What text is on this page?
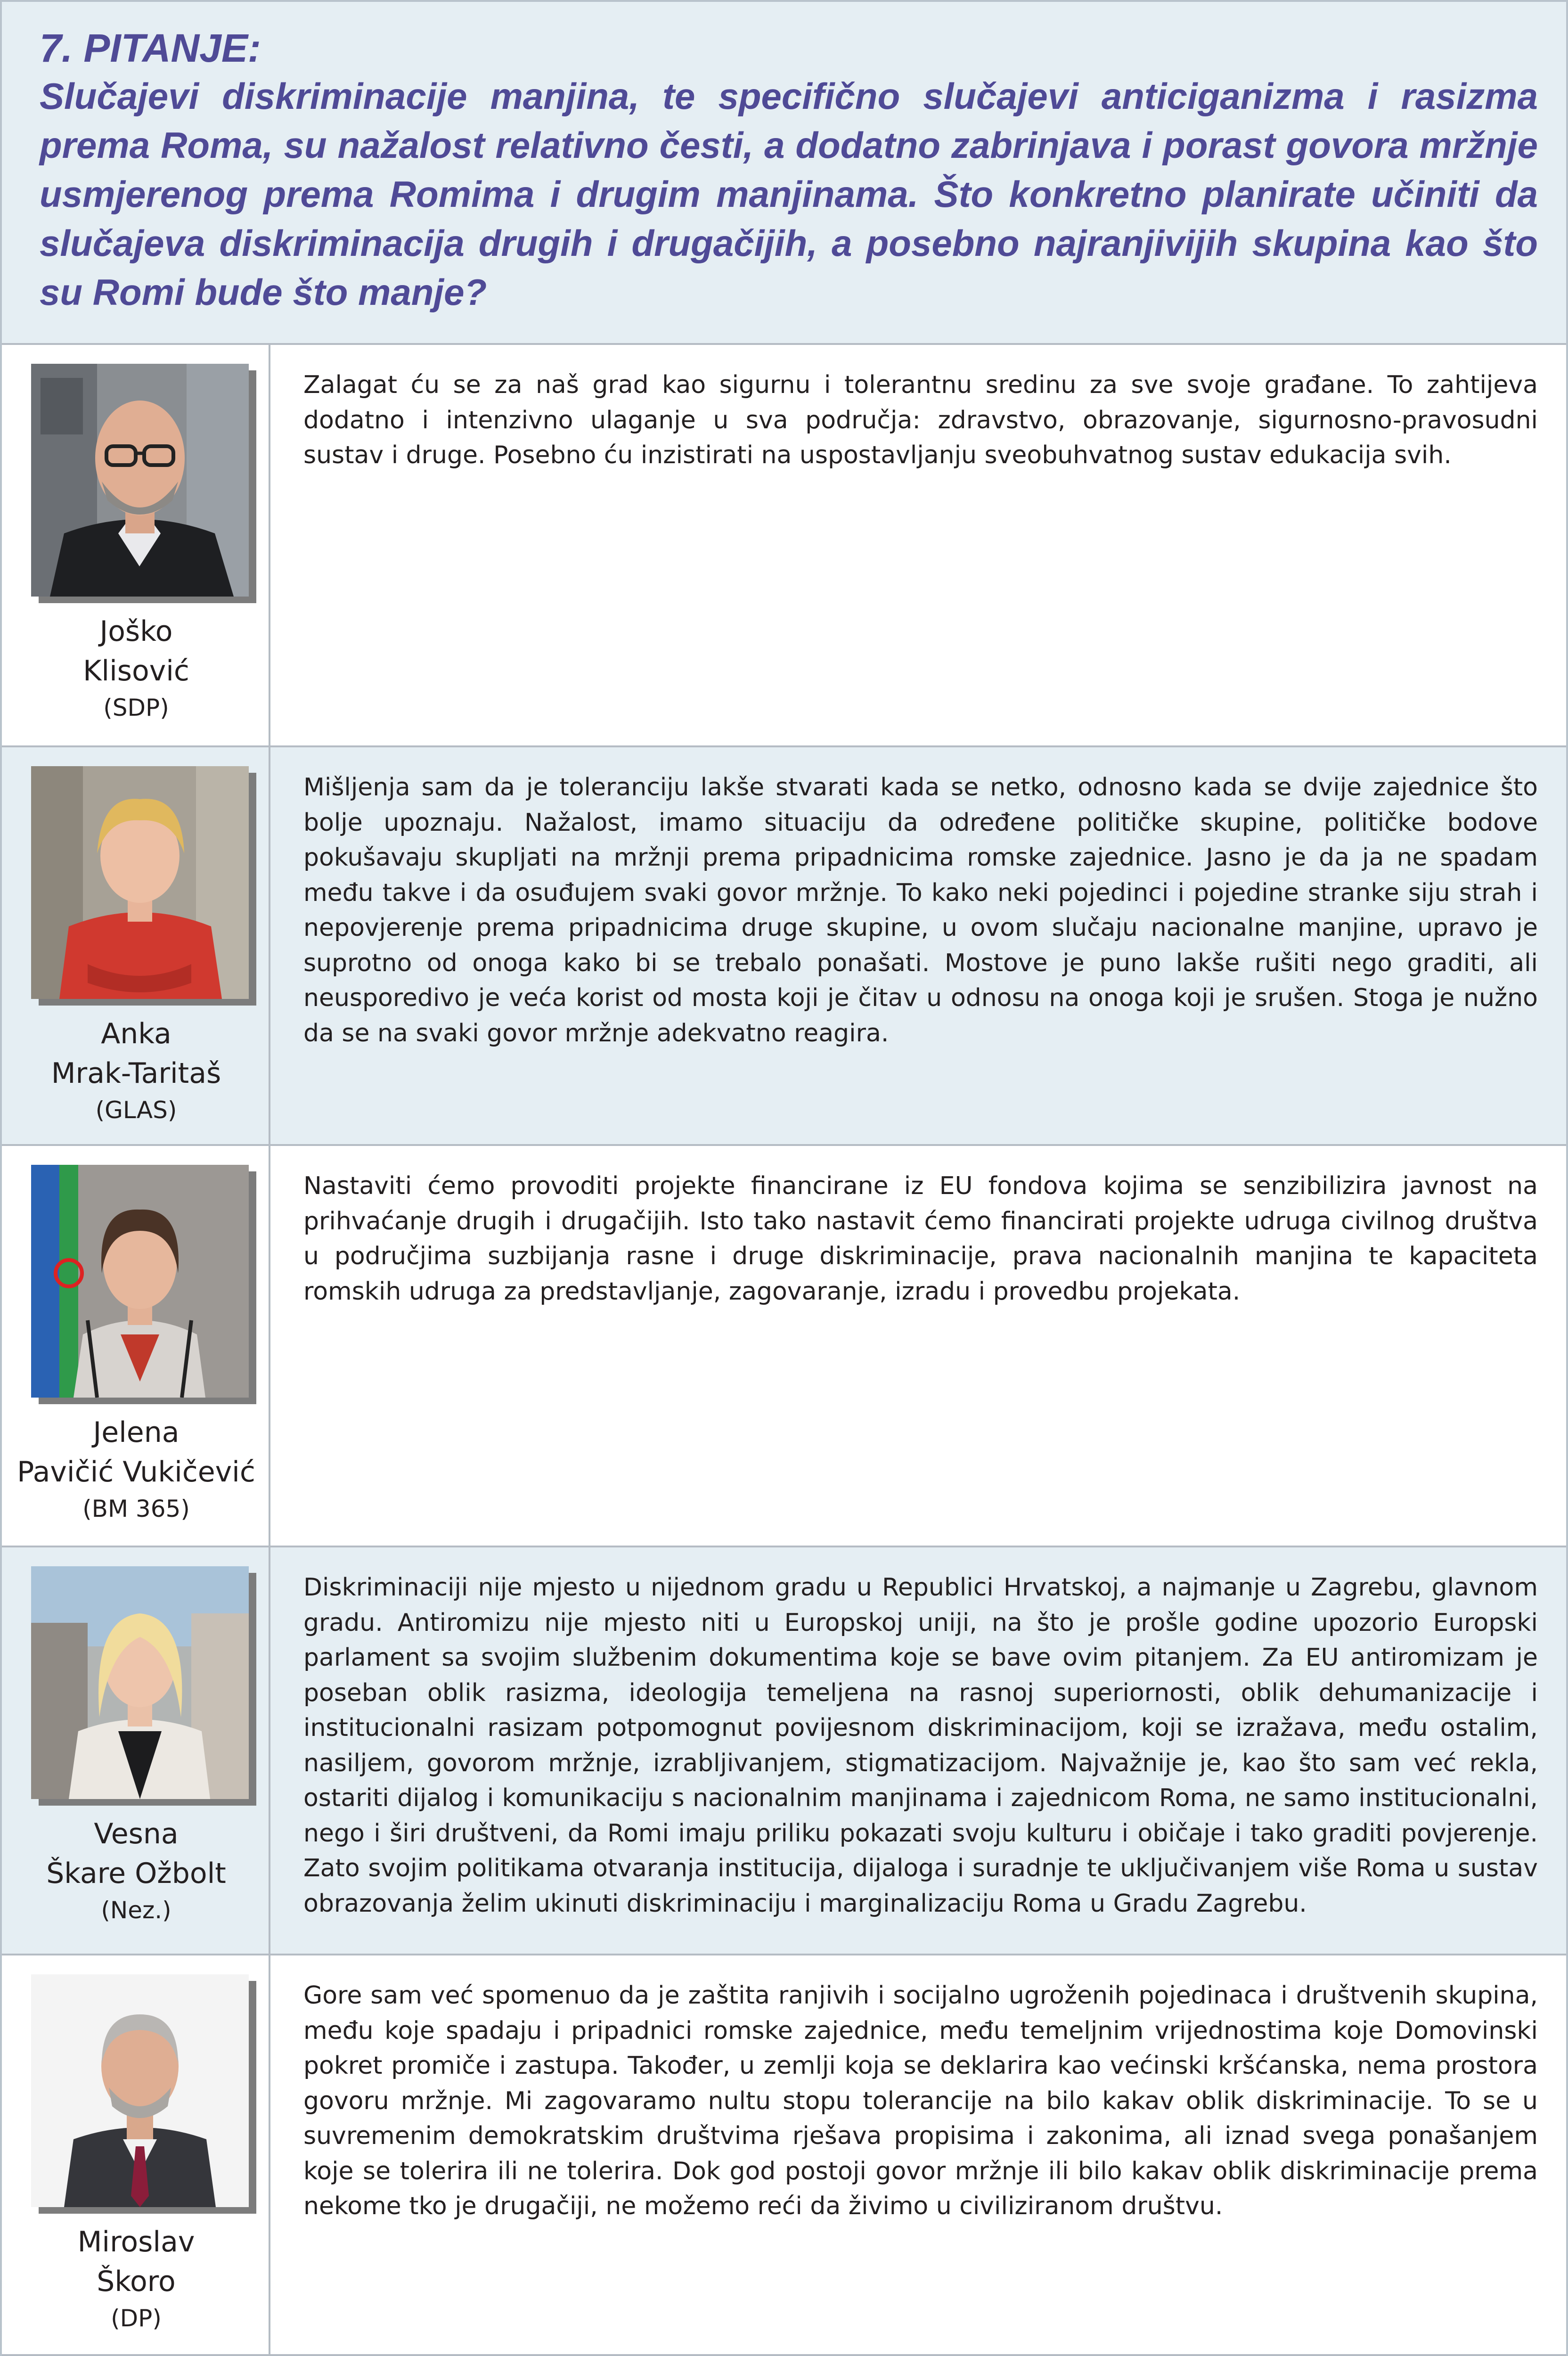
7. PITANJE:
Slučajevi diskriminacije manjina, te specifično slučajevi anticiganizma i rasizma prema Roma, su nažalost relativno česti, a dodatno zabrinjava i porast govora mržnje usmjerenog prema Romima i drugim manjinama. Što konkretno planirate učiniti da slučajeva diskriminacija drugih i drugačijih, a posebno najranjivijih skupina kao što su Romi bude što manje?
Joško
Klisović
(SDP)
Zalagat ću se za naš grad kao sigurnu i tolerantnu sredinu za sve svoje građane. To zahtijeva dodatno i intenzivno ulaganje u sva područja: zdravstvo, obrazovanje, sigurnosno-pravosudni sustav i druge. Posebno ću inzistirati na uspostavljanju sveobuhvatnog sustav edukacija svih.
Anka
Mrak-Taritaš
(GLAS)
Mišljenja sam da je toleranciju lakše stvarati kada se netko, odnosno kada se dvije zajednice što bolje upoznaju. Nažalost, imamo situaciju da određene političke skupine, političke bodove pokušavaju skupljati na mržnji prema pripadnicima romske zajednice. Jasno je da ja ne spadam među takve i da osuđujem svaki govor mržnje. To kako neki pojedinci i pojedine stranke siju strah i nepovjerenje prema pripadnicima druge skupine, u ovom slučaju nacionalne manjine, upravo je suprotno od onoga kako bi se trebalo ponašati. Mostove je puno lakše rušiti nego graditi, ali neusporedivo je veća korist od mosta koji je čitav u odnosu na onoga koji je srušen. Stoga je nužno da se na svaki govor mržnje adekvatno reagira.
Jelena
Pavičić Vukičević
(BM 365)
Nastaviti ćemo provoditi projekte financirane iz EU fondova kojima se senzibilizira javnost na prihvaćanje drugih i drugačijih. Isto tako nastavit ćemo financirati projekte udruga civilnog društva u područjima suzbijanja rasne i druge diskriminacije, prava nacionalnih manjina te kapaciteta romskih udruga za predstavljanje, zagovaranje, izradu i provedbu projekata.
Vesna
Škare Ožbolt
(Nez.)
Diskriminaciji nije mjesto u nijednom gradu u Republici Hrvatskoj, a najmanje u Zagrebu, glavnom gradu. Antiromizu nije mjesto niti u Europskoj uniji, na što je prošle godine upozorio Europski parlament sa svojim službenim dokumentima koje se bave ovim pitanjem. Za EU antiromizam je poseban oblik rasizma, ideologija temeljena na rasnoj superiornosti, oblik dehumanizacije i institucionalni rasizam potpomognut povijesnom diskriminacijom, koji se izražava, među ostalim, nasiljem, govorom mržnje, izrabljivanjem, stigmatizacijom. Najvažnije je, kao što sam već rekla, ostariti dijalog i komunikaciju s nacionalnim manjinama i zajednicom Roma, ne samo institucionalni, nego i širi društveni, da Romi imaju priliku pokazati svoju kulturu i običaje i tako graditi povjerenje. Zato svojim politikama otvaranja institucija, dijaloga i suradnje te uključivanjem više Roma u sustav obrazovanja želim ukinuti diskriminaciju i marginalizaciju Roma u Gradu Zagrebu.
Miroslav
Škoro
(DP)
Gore sam već spomenuo da je zaštita ranjivih i socijalno ugroženih pojedinaca i društvenih skupina, među koje spadaju i pripadnici romske zajednice, među temeljnim vrijednostima koje Domovinski pokret promiče i zastupa. Također, u zemlji koja se deklarira kao većinski kršćanska, nema prostora govoru mržnje. Mi zagovaramo nultu stopu tolerancije na bilo kakav oblik diskriminacije. To se u suvremenim demokratskim društvima rješava propisima i zakonima, ali iznad svega ponašanjem koje se tolerira ili ne tolerira. Dok god postoji govor mržnje ili bilo kakav oblik diskriminacije prema nekome tko je drugačiji, ne možemo reći da živimo u civiliziranom društvu.
